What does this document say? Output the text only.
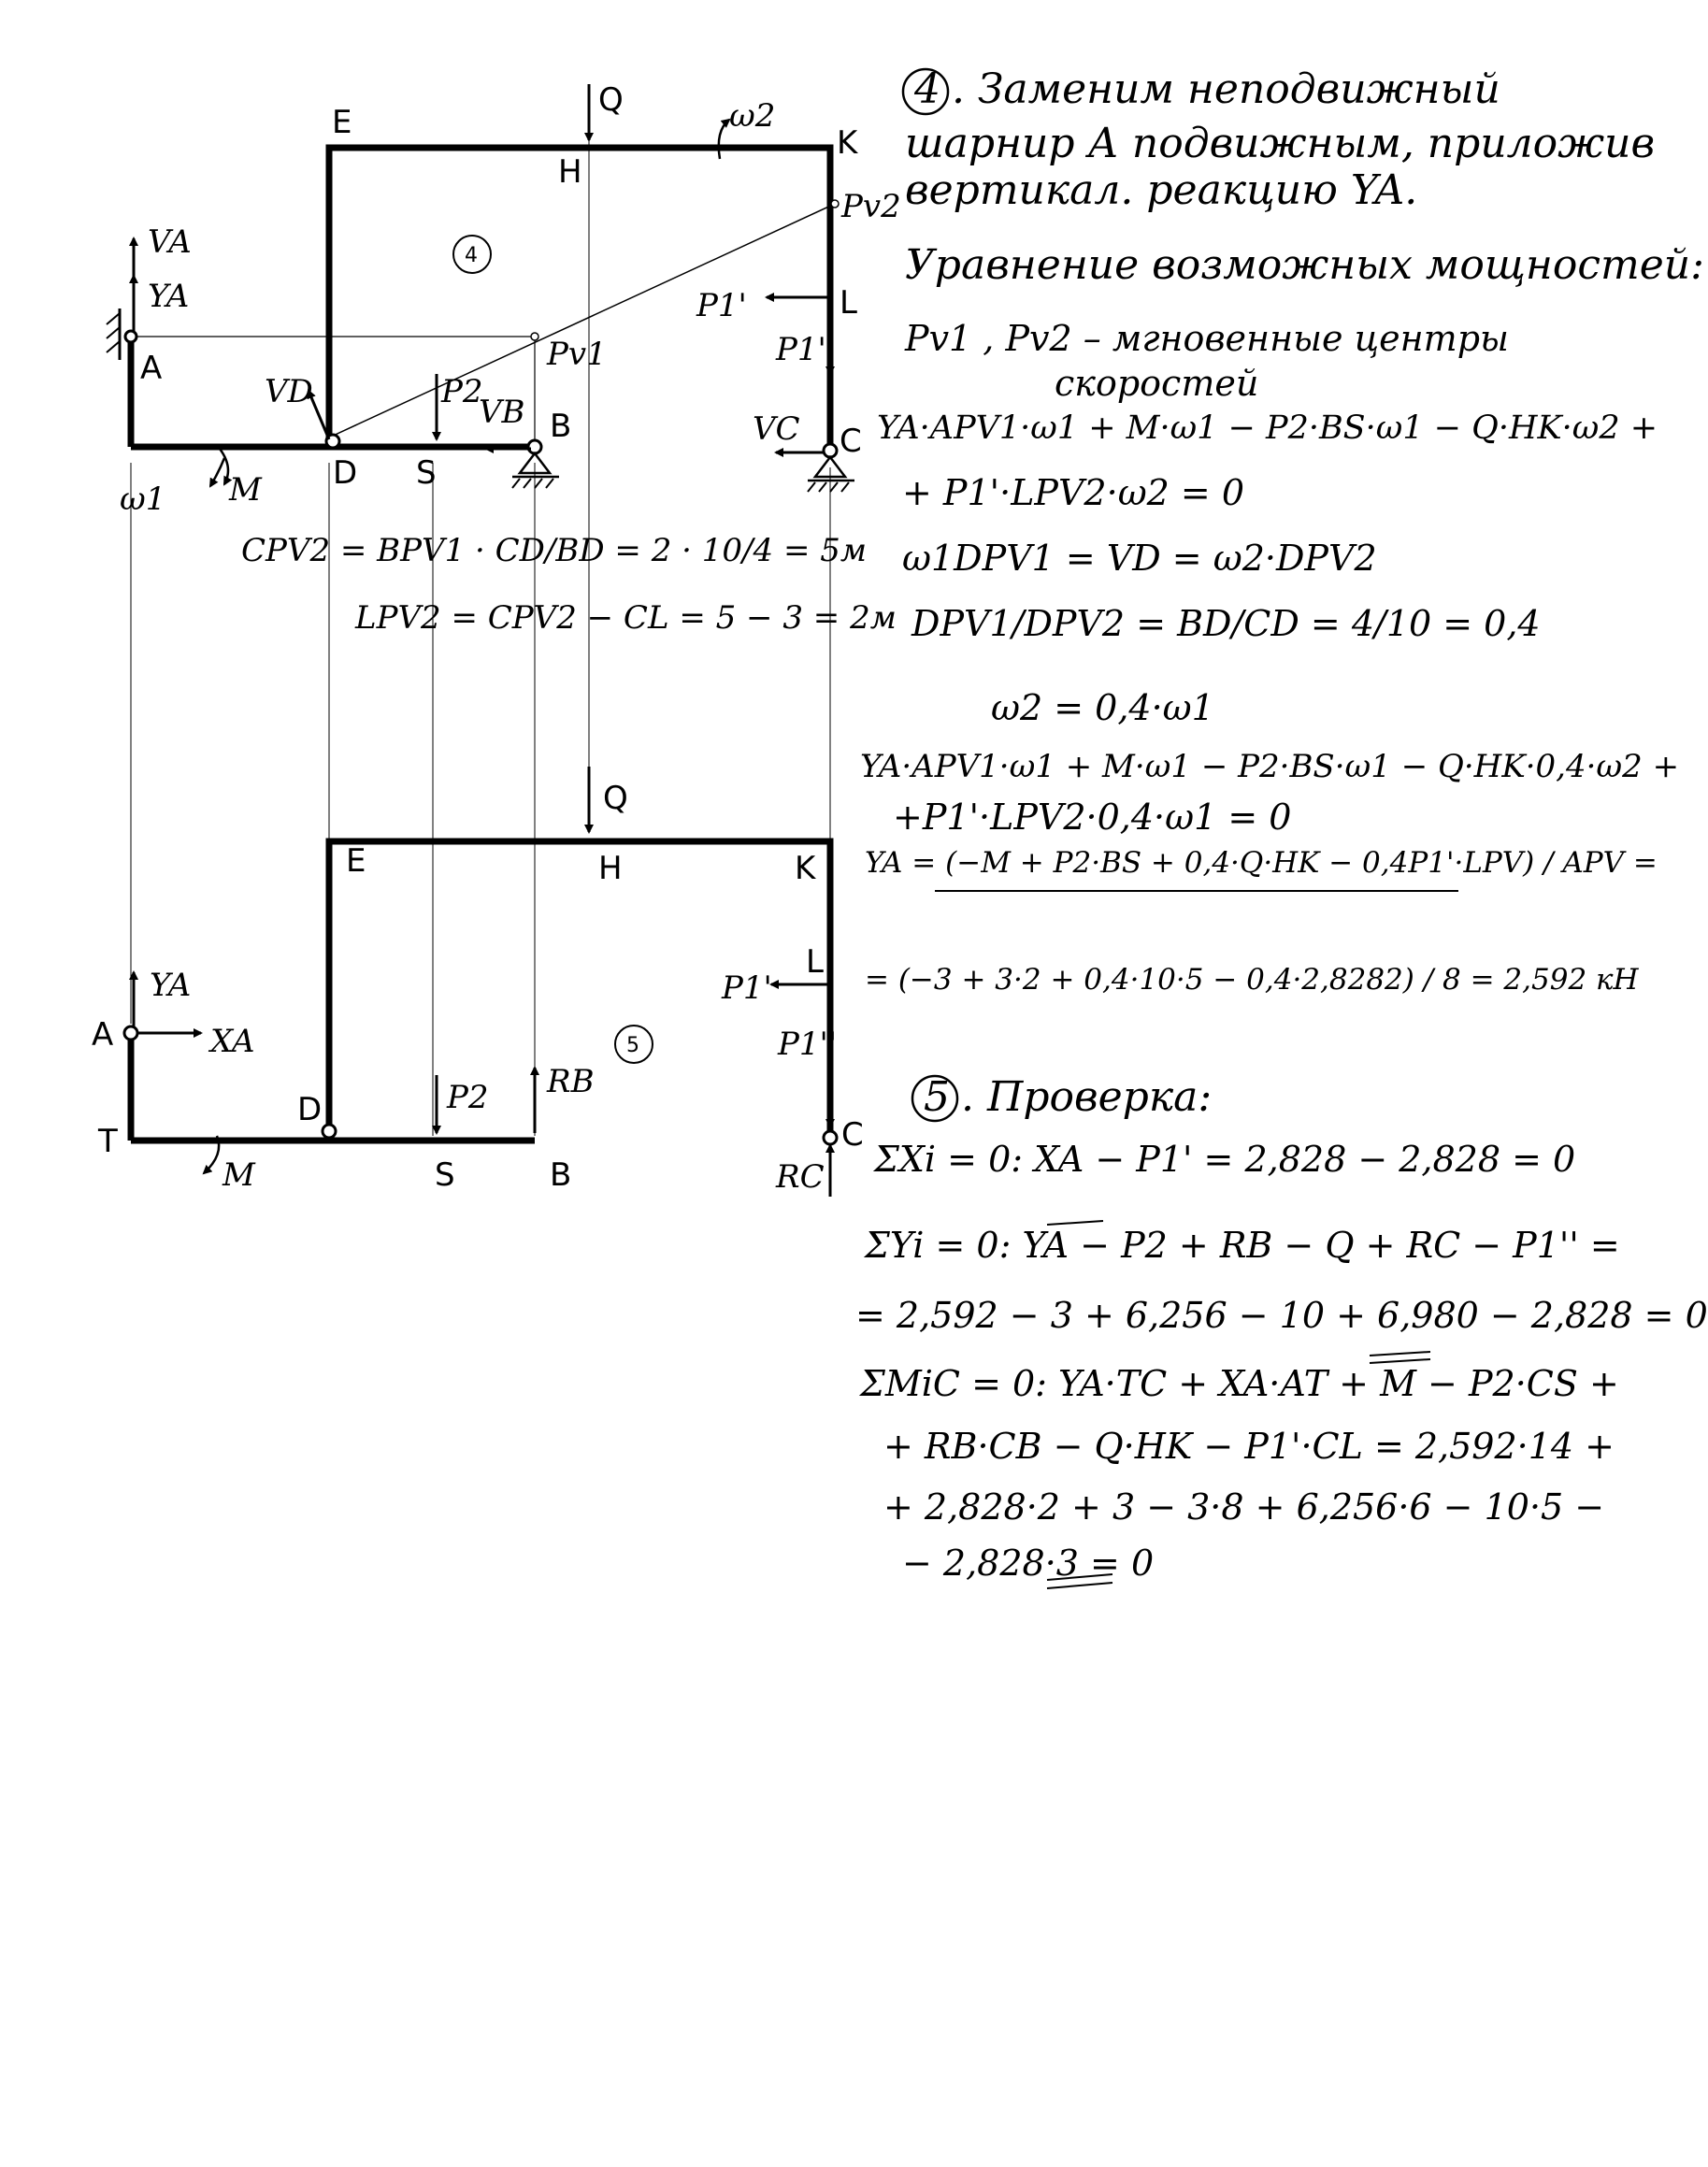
E
H
K
Q	ω2
Pv2
L
P1'
P1''
C
VC
VA
YA
A
VD
Pv1
P2
VB B
D S
ω1 M
4
CPV2 = BPV1 · CD/BD = 2 · 10/4 = 5м
LPV2 = CPV2 − CL = 5 − 3 = 2м
E	H	K
Q
YA
A	XA
D	P2 RB
T
M	S	B
L
P1'
P1''
C
RC
5
4 . Заменим неподвижный
шарнир А подвижным, приложив
вертикал. реакцию YA.
Уравнение возможных мощностей:
Pv1 , Pv2 – мгновенные центры
скоростей
YA·APV1·ω1 + M·ω1 − P2·BS·ω1 − Q·HK·ω2 +
+ P1'·LPV2·ω2 = 0
ω1DPV1 = VD = ω2·DPV2
DPV1/DPV2 = BD/CD = 4/10 = 0,4
ω2 = 0,4·ω1
YA·APV1·ω1 + M·ω1 − P2·BS·ω1 − Q·HK·0,4·ω2 +
+P1'·LPV2·0,4·ω1 = 0
YA = (−M + P2·BS + 0,4·Q·HK − 0,4P1'·LPV) / APV =
= (−3 + 3·2 + 0,4·10·5 − 0,4·2,8282) / 8 = 2,592 кН
5 . Проверка:
ΣXi = 0: XA − P1' = 2,828 − 2,828 = 0
ΣYi = 0: YA − P2 + RB − Q + RC − P1'' =
= 2,592 − 3 + 6,256 − 10 + 6,980 − 2,828 = 0
ΣMiC = 0: YA·TC + XA·AT + M − P2·CS +
+ RB·CB − Q·HK − P1'·CL = 2,592·14 +
+ 2,828·2 + 3 − 3·8 + 6,256·6 − 10·5 −
− 2,828·3 = 0
